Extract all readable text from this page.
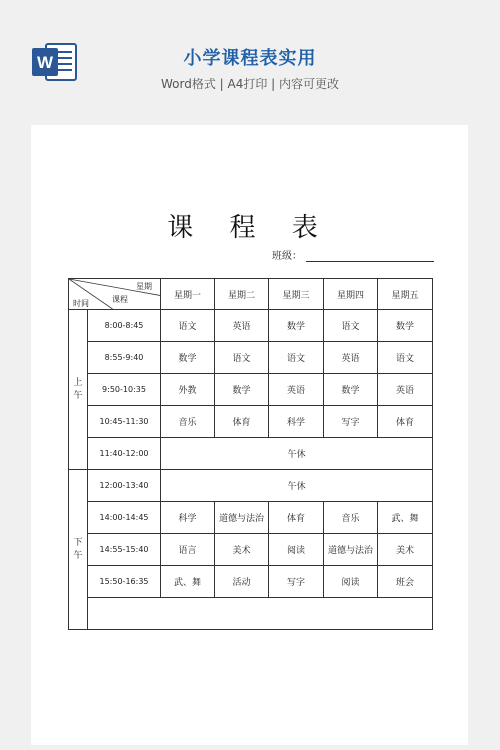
W	小学课程表实用
Word格式 | A4打印 | 内容可更改
课 程 表
班级：
星期
课程
时间		星期一	星期二	星期三	星期四	星期五
上
午	8:00-8:45	语文	英语	数学	语文	数学
	8:55-9:40	数学	语文	语文	英语	语文
	9:50-10:35	外教	数学	英语	数学	英语
	10:45-11:30	音乐	体育	科学	写字	体育
	11:40-12:00	午休				
下
午	12:00-13:40	午休				
	14:00-14:45	科学	道德与法治	体育	音乐	武、舞
	14:55-15:40	语言	美术	阅读	道德与法治	美术
	15:50-16:35	武、舞	活动	写字	阅读	班会
